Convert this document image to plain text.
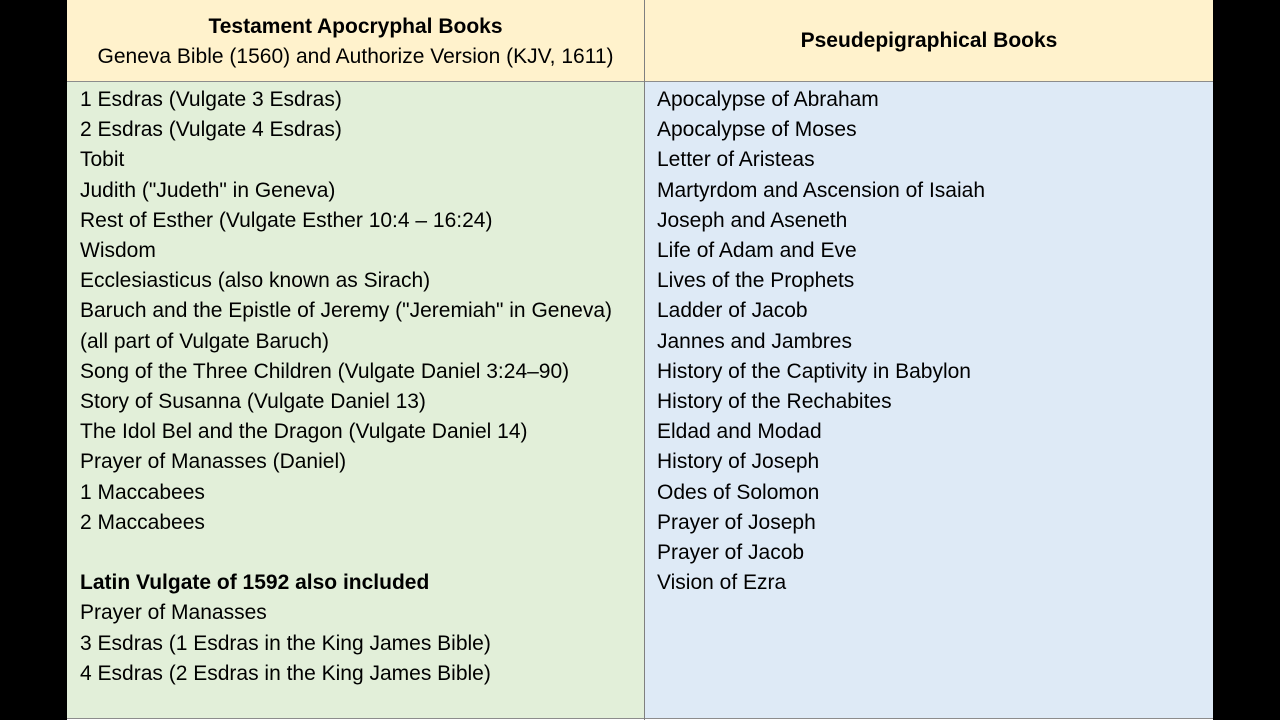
Testament Apocryphal Books
Geneva Bible (1560) and Authorize Version (KJV, 1611)
Pseudepigraphical Books
1 Esdras (Vulgate 3 Esdras)
2 Esdras (Vulgate 4 Esdras)
Tobit
Judith ("Judeth" in Geneva)
Rest of Esther (Vulgate Esther 10:4 – 16:24)
Wisdom
Ecclesiasticus (also known as Sirach)
Baruch and the Epistle of Jeremy ("Jeremiah" in Geneva) (all part of Vulgate Baruch)
Song of the Three Children (Vulgate Daniel 3:24–90)
Story of Susanna (Vulgate Daniel 13)
The Idol Bel and the Dragon (Vulgate Daniel 14)
Prayer of Manasses (Daniel)
1 Maccabees
2 Maccabees
Latin Vulgate of 1592 also included
Prayer of Manasses
3 Esdras (1 Esdras in the King James Bible)
4 Esdras (2 Esdras in the King James Bible)
Apocalypse of Abraham
Apocalypse of Moses
Letter of Aristeas
Martyrdom and Ascension of Isaiah
Joseph and Aseneth
Life of Adam and Eve
Lives of the Prophets
Ladder of Jacob
Jannes and Jambres
History of the Captivity in Babylon
History of the Rechabites
Eldad and Modad
History of Joseph
Odes of Solomon
Prayer of Joseph
Prayer of Jacob
Vision of Ezra
